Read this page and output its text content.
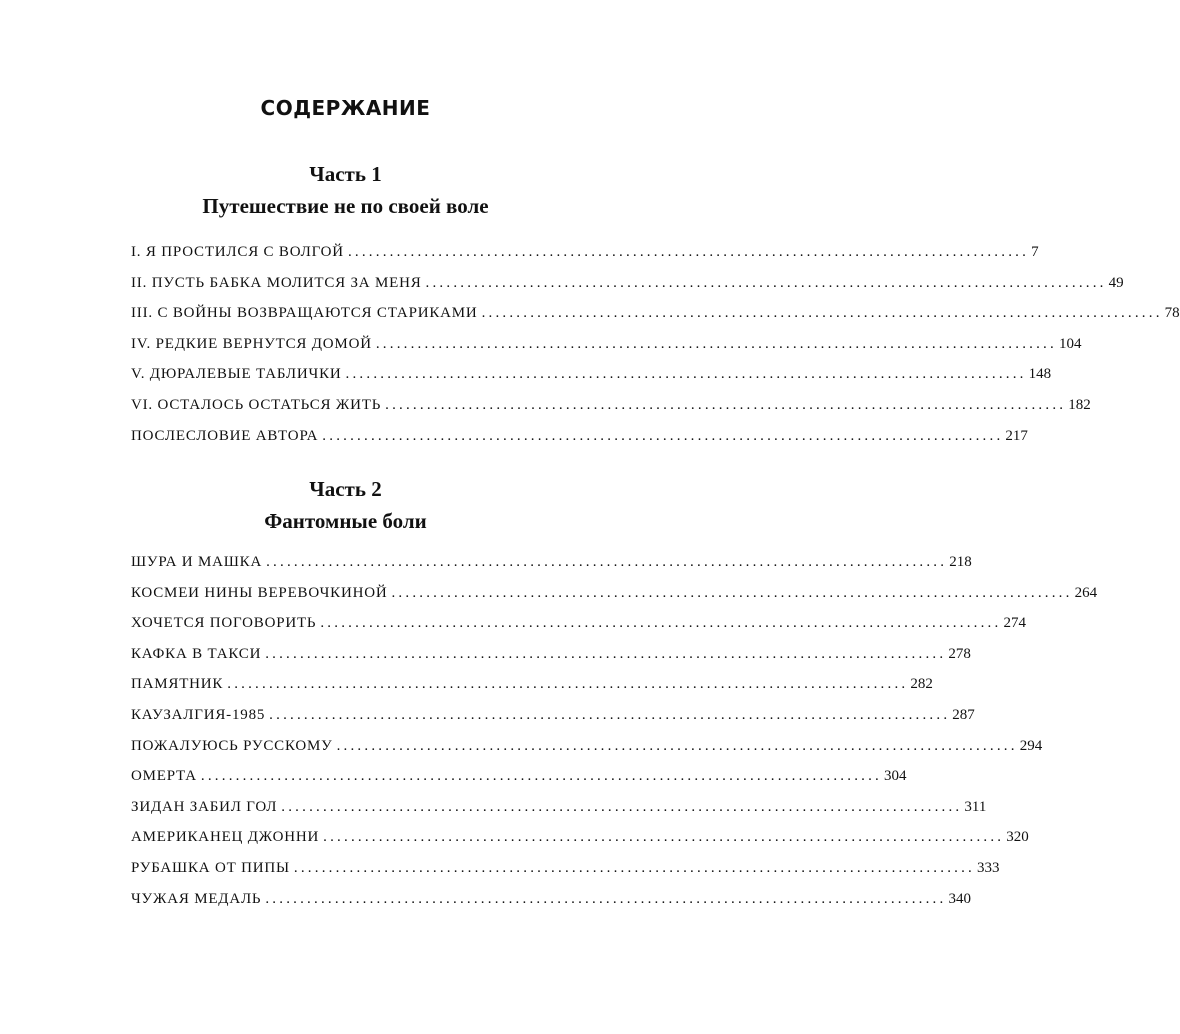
СОДЕРЖАНИЕ
Часть 1
Путешествие не по своей воле
I. Я ПРОСТИЛСЯ С ВОЛГОЙ .................................................................................................. 7
II. ПУСТЬ БАБКА МОЛИТСЯ ЗА МЕНЯ .................................................................................................. 49
III. С ВОЙНЫ ВОЗВРАЩАЮТСЯ СТАРИКАМИ .................................................................................................. 78
IV. РЕДКИЕ ВЕРНУТСЯ ДОМОЙ .................................................................................................. 104
V. ДЮРАЛЕВЫЕ ТАБЛИЧКИ .................................................................................................. 148
VI. ОСТАЛОСЬ ОСТАТЬСЯ ЖИТЬ .................................................................................................. 182
ПОСЛЕСЛОВИЕ АВТОРА .................................................................................................. 217
Часть 2
Фантомные боли
ШУРА И МАШКА .................................................................................................. 218
КОСМЕИ НИНЫ ВЕРЕВОЧКИНОЙ .................................................................................................. 264
ХОЧЕТСЯ ПОГОВОРИТЬ .................................................................................................. 274
КАФКА В ТАКСИ .................................................................................................. 278
ПАМЯТНИК .................................................................................................. 282
КАУЗАЛГИЯ-1985 .................................................................................................. 287
ПОЖАЛУЮСЬ РУССКОМУ .................................................................................................. 294
ОМЕРТА .................................................................................................. 304
ЗИДАН ЗАБИЛ ГОЛ .................................................................................................. 311
АМЕРИКАНЕЦ ДЖОННИ .................................................................................................. 320
РУБАШКА ОТ ПИПЫ .................................................................................................. 333
ЧУЖАЯ МЕДАЛЬ .................................................................................................. 340
